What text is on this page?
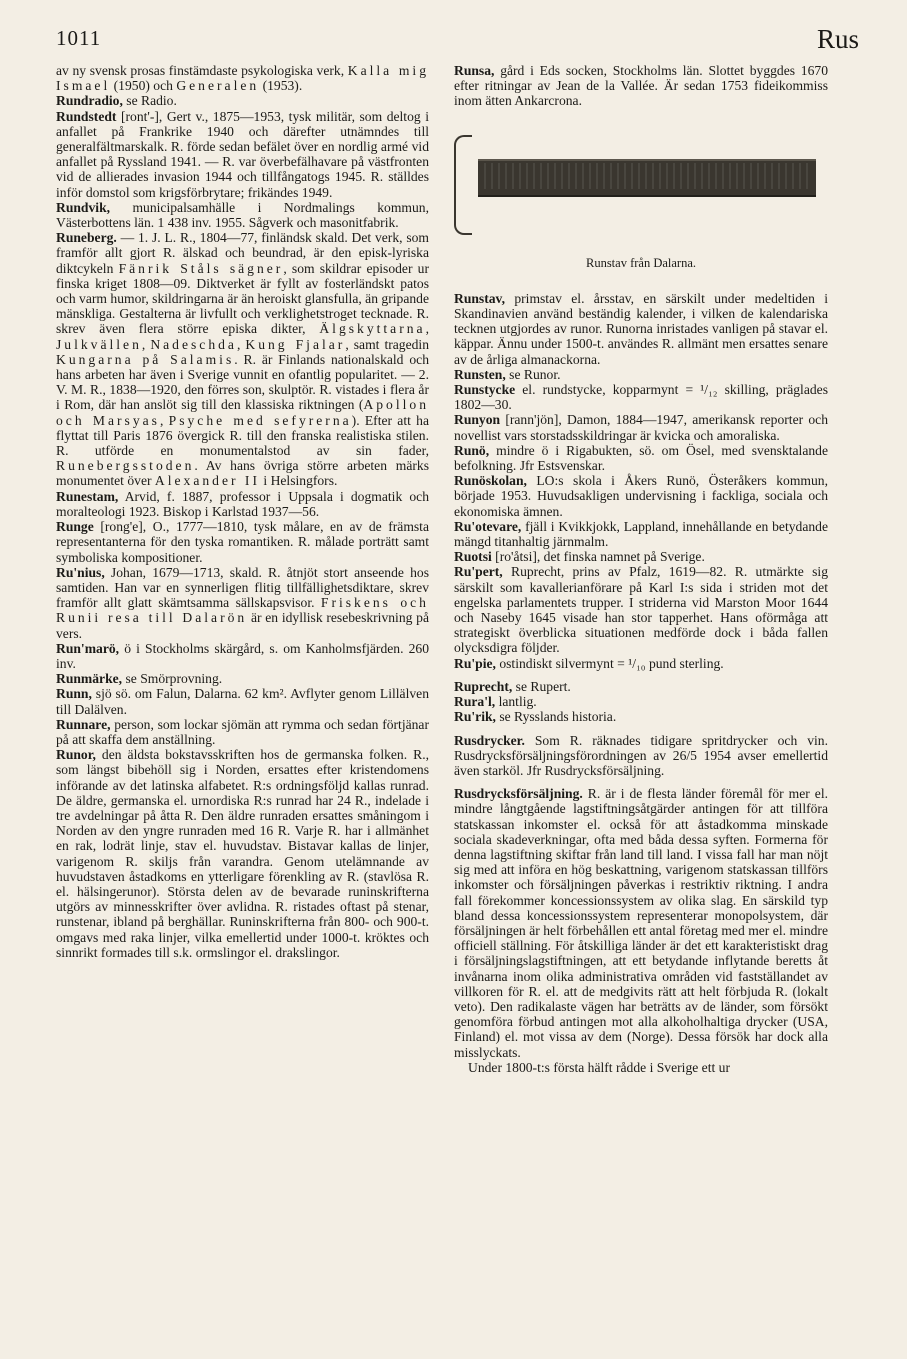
1011	Rus

av ny svensk prosas finstämdaste psykologiska verk, Kalla mig Ismael (1950) och Generalen (1953).

Rundradio, se Radio.

Rundstedt [ront'-], Gert v., 1875—1953, tysk militär, som deltog i anfallet på Frankrike 1940 och därefter utnämndes till generalfältmarskalk. R. förde sedan befälet över en nordlig armé vid anfallet på Ryssland 1941. — R. var överbefälhavare på västfronten vid de allierades invasion 1944 och tillfångatogs 1945. R. ställdes inför domstol som krigsförbrytare; frikändes 1949.

Rundvik, municipalsamhälle i Nordmalings kommun, Västerbottens län. 1 438 inv. 1955. Sågverk och masonitfabrik.

Runeberg. — 1. J. L. R., 1804—77, finländsk skald. Det verk, som framför allt gjort R. älskad och beundrad, är den episk-lyriska diktcykeln Fänrik Ståls sägner, som skildrar episoder ur finska kriget 1808—09. Diktverket är fyllt av fosterländskt patos och varm humor, skildringarna är än heroiskt glansfulla, än gripande mänskliga. Gestalterna är livfullt och verklighetstroget tecknade. R. skrev även flera större episka dikter, Älgskyttarna, Julkvällen, Nadeschda, Kung Fjalar, samt tragedin Kungarna på Salamis. R. är Finlands nationalskald och hans arbeten har även i Sverige vunnit en ofantlig popularitet. — 2. V. M. R., 1838—1920, den förres son, skulptör. R. vistades i flera år i Rom, där han anslöt sig till den klassiska riktningen (Apollon och Marsyas, Psyche med sefyrerna). Efter att ha flyttat till Paris 1876 övergick R. till den franska realistiska stilen. R. utförde en monumentalstod av sin fader, Runebergsstoden. Av hans övriga större arbeten märks monumentet över Alexander II i Helsingfors.

Runestam, Arvid, f. 1887, professor i Uppsala i dogmatik och moralteologi 1923. Biskop i Karlstad 1937—56.

Runge [rong'e], O., 1777—1810, tysk målare, en av de främsta representanterna för den tyska romantiken. R. målade porträtt samt symboliska kompositioner.

Ru'nius, Johan, 1679—1713, skald. R. åtnjöt stort anseende hos samtiden. Han var en synnerligen flitig tillfällighetsdiktare, skrev framför allt glatt skämtsamma sällskapsvisor. Friskens och Runii resa till Dalarön är en idyllisk resebeskrivning på vers.

Run'marö, ö i Stockholms skärgård, s. om Kanholmsfjärden. 260 inv.

Runmärke, se Smörprovning.

Runn, sjö sö. om Falun, Dalarna. 62 km². Avflyter genom Lillälven till Dalälven.

Runnare, person, som lockar sjömän att rymma och sedan förtjänar på att skaffa dem anställning.

Runor, den äldsta bokstavsskriften hos de germanska folken. R., som längst bibehöll sig i Norden, ersattes efter kristendomens införande av det latinska alfabetet. R:s ordningsföljd kallas runrad. De äldre, germanska el. urnordiska R:s runrad har 24 R., indelade i tre avdelningar på åtta R. Den äldre runraden ersattes småningom i Norden av den yngre runraden med 16 R. Varje R. har i allmänhet en rak, lodrät linje, stav el. huvudstav. Bistavar kallas de linjer, varigenom R. skiljs från varandra. Genom utelämnande av huvudstaven åstadkoms en ytterligare förenkling av R. (stavlösa R. el. hälsingerunor). Största delen av de bevarade runinskrifterna utgörs av minnesskrifter över avlidna. R. ristades oftast på stenar, runstenar, ibland på berghällar. Runinskrifterna från 800- och 900-t. omgavs med raka linjer, vilka emellertid under 1000-t. kröktes och sinnrikt formades till s.k. ormslingor el. drakslingor.

Runsa, gård i Eds socken, Stockholms län. Slottet byggdes 1670 efter ritningar av Jean de la Vallée. Är sedan 1753 fideikommiss inom ätten Ankarcrona.

Runstav från Dalarna.

Runstav, primstav el. årsstav, en särskilt under medeltiden i Skandinavien använd beständig kalender, i vilken de kalendariska tecknen utgjordes av runor. Runorna inristades vanligen på stavar el. käppar. Ännu under 1500-t. användes R. allmänt men ersattes senare av de årliga almanackorna.

Runsten, se Runor.

Runstycke el. rundstycke, kopparmynt = ¹/₁₂ skilling, präglades 1802—30.

Runyon [rann'jön], Damon, 1884—1947, amerikansk reporter och novellist vars storstadsskildringar är kvicka och amoraliska.

Runö, mindre ö i Rigabukten, sö. om Ösel, med svensktalande befolkning. Jfr Estsvenskar.

Runöskolan, LO:s skola i Åkers Runö, Österåkers kommun, började 1953. Huvudsakligen undervisning i fackliga, sociala och ekonomiska ämnen.

Ru'otevare, fjäll i Kvikkjokk, Lappland, innehållande en betydande mängd titanhaltig järnmalm.

Ruotsi [ro'åtsi], det finska namnet på Sverige.

Ru'pert, Ruprecht, prins av Pfalz, 1619—82. R. utmärkte sig särskilt som kavallerianförare på Karl I:s sida i striden mot det engelska parlamentets trupper. I striderna vid Marston Moor 1644 och Naseby 1645 visade han stor tapperhet. Hans oförmåga att strategiskt överblicka situationen medförde dock i båda fallen olycksdigra följder.

Ru'pie, ostindiskt silvermynt = ¹/₁₀ pund sterling.

Ruprecht, se Rupert.

Rura'l, lantlig.

Ru'rik, se Rysslands historia.

Rusdrycker. Som R. räknades tidigare spritdrycker och vin. Rusdrycksförsäljningsförordningen av 26/5 1954 avser emellertid även starköl. Jfr Rusdrycksförsäljning.

Rusdrycksförsäljning. R. är i de flesta länder föremål för mer el. mindre långtgående lagstiftningsåtgärder antingen för att tillföra statskassan inkomster el. också för att åstadkomma minskade sociala skadeverkningar, ofta med båda dessa syften. Formerna för denna lagstiftning skiftar från land till land. I vissa fall har man nöjt sig med att införa en hög beskattning, varigenom statskassan tillförs inkomster och försäljningen påverkas i restriktiv riktning. I andra fall förekommer koncessionssystem av olika slag. En särskild typ bland dessa koncessionssystem representerar monopolsystem, där försäljningen är helt förbehållen ett antal företag med mer el. mindre officiell ställning. För åtskilliga länder är det ett karakteristiskt drag i försäljningslagstiftningen, att ett betydande inflytande beretts åt invånarna inom olika administrativa områden vid fastställandet av villkoren för R. el. att de medgivits rätt att helt förbjuda R. (lokalt veto). Den radikalaste vägen har beträtts av de länder, som försökt genomföra förbud antingen mot alla alkoholhaltiga drycker (USA, Finland) el. mot vissa av dem (Norge). Dessa försök har dock alla misslyckats.

Under 1800-t:s första hälft rådde i Sverige ett ur
